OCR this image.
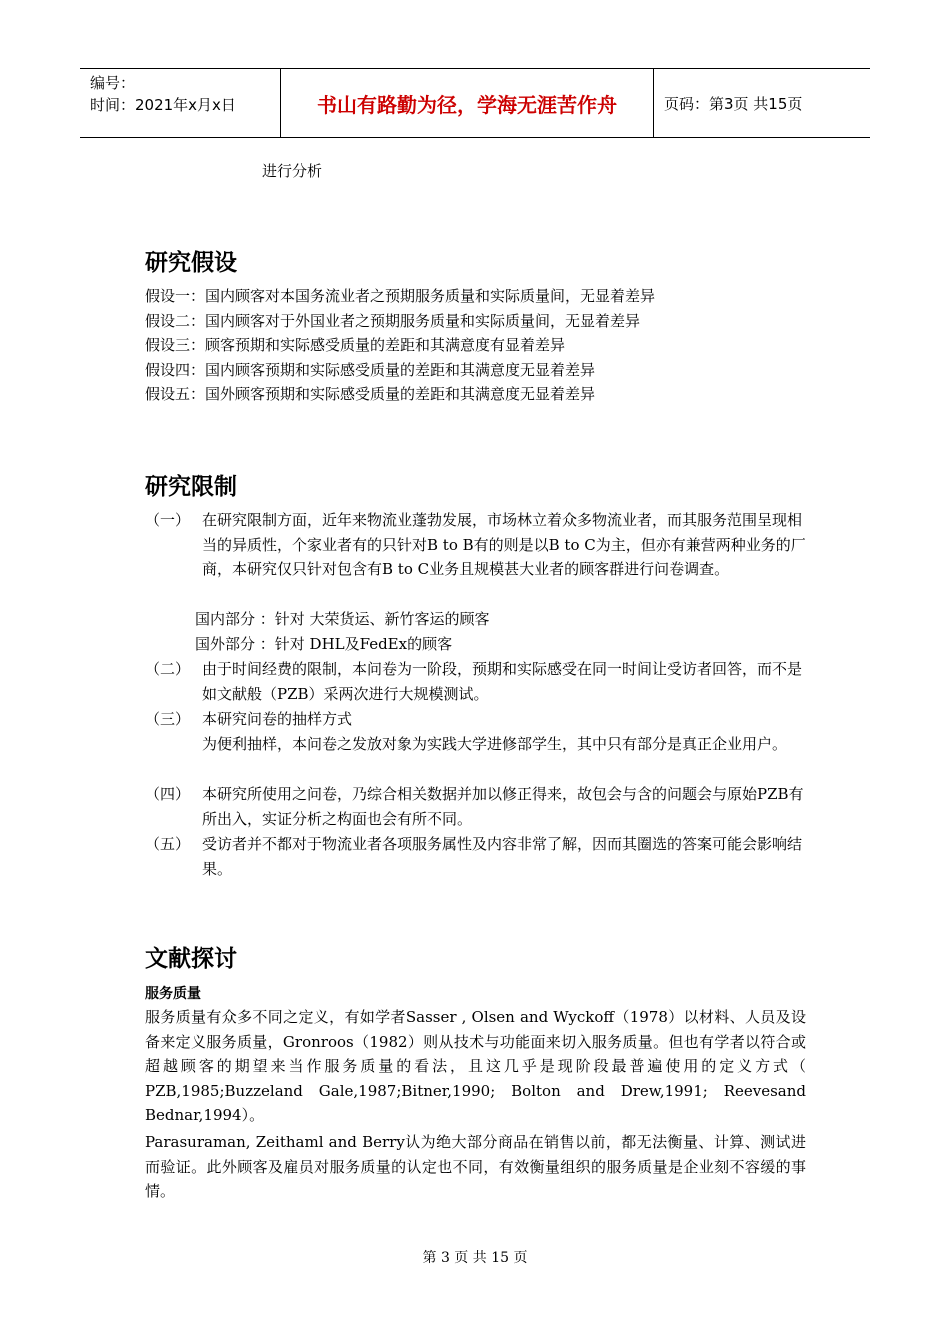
编号：
时间：2021年x月x日	书山有路勤为径，学海无涯苦作舟	页码：第3页 共15页
进行分析
研究假设
假设一：国内顾客对本国务流业者之预期服务质量和实际质量间，无显着差异
假设二：国内顾客对于外国业者之预期服务质量和实际质量间，无显着差异
假设三：顾客预期和实际感受质量的差距和其满意度有显着差异
假设四：国内顾客预期和实际感受质量的差距和其满意度无显着差异
假设五：国外顾客预期和实际感受质量的差距和其满意度无显着差异
研究限制
（一） 在研究限制方面，近年来物流业蓬勃发展，市场林立着众多物流业者，而其服务范围呈现相当的异质性，个家业者有的只针对B to B有的则是以B to C为主，但亦有兼营两种业务的厂商，本研究仅只针对包含有B to C业务且规模甚大业者的顾客群进行问卷调查。
国内部分 ：针对 大荣货运、新竹客运的顾客
国外部分 ：针对 DHL及FedEx的顾客
（二） 由于时间经费的限制，本问卷为一阶段，预期和实际感受在同一时间让受访者回答，而不是如文献般（PZB）采两次进行大规模测试。
（三） 本研究问卷的抽样方式
为便利抽样，本问卷之发放对象为实践大学进修部学生，其中只有部分是真正企业用户。
（四） 本研究所使用之问卷，乃综合相关数据并加以修正得来，故包会与含的问题会与原始PZB有所出入，实证分析之构面也会有所不同。
（五） 受访者并不都对于物流业者各项服务属性及内容非常了解，因而其圈选的答案可能会影响结果。
文献探讨
服务质量
服务质量有众多不同之定义，有如学者Sasser , Olsen and Wyckoff（1978）以材料、人员及设备来定义服务质量，Gronroos（1982）则从技术与功能面来切入服务质量。但也有学者以符合或超越顾客的期望来当作服务质量的看法，且这几乎是现阶段最普遍使用的定义方式（ PZB,1985;Buzzeland Gale,1987;Bitner,1990; Bolton and Drew,1991; Reevesand Bednar,1994）。
Parasuraman, Zeithaml and Berry认为绝大部分商品在销售以前，都无法衡量、计算、测试进而验证。此外顾客及雇员对服务质量的认定也不同，有效衡量组织的服务质量是企业刻不容缓的事情。
第 3 页 共 15 页
